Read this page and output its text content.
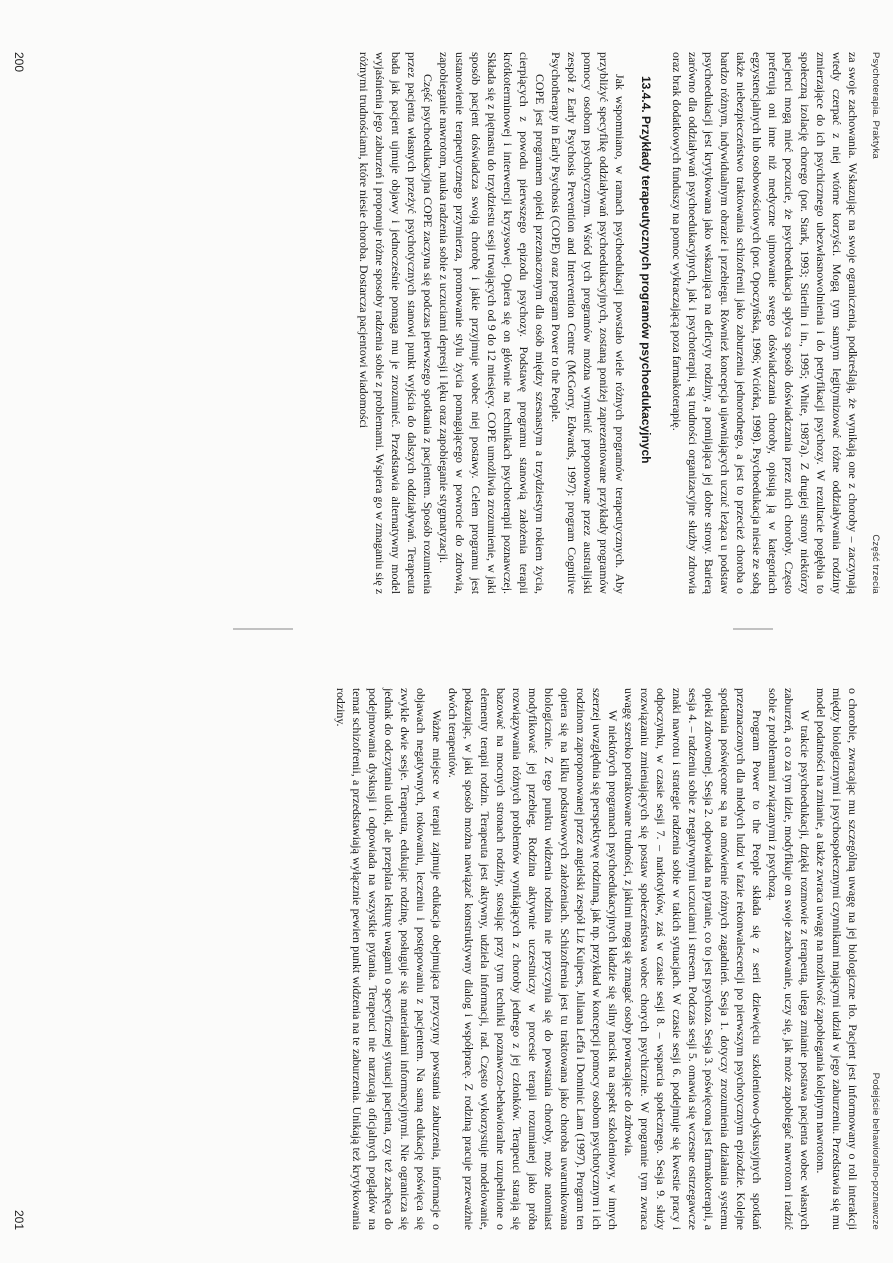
Psychoterapia. Praktyka
Część trzecia

za swoje zachowania. Wskazując na swoje ograniczenia, podkreślają, że wynikają one z choroby – zaczynają wtedy czerpać z niej wtórne korzyści. Mogą tym samym legitymizować różne oddziaływania rodziny zmierzające do ich psychicznego ubezwłasnowolnienia i do petryfikacji psychozy. W rezultacie pogłębia to społeczną izolację chorego (por. Stark, 1993; Stierlin i in., 1995; White, 1987a). Z drugiej strony niektórzy pacjenci mogą mieć poczucie, że psychoedukacja spłyca sposób doświadczania przez nich choroby. Często preferują oni inne niż medyczne ujmowanie swego doświadczania choroby, opisują ją w kategoriach egzystencjalnych lub osobowościowych (por. Opoczyńska, 1996; Wciórka, 1998). Psychoedukacja niesie ze sobą także niebezpieczeństwo traktowania schizofrenii jako zaburzenia jednorodnego, a jest to przecież choroba o bardzo różnym, indywidualnym obrazie i przebiegu. Również koncepcja ujawniających uczuć leżąca u podstaw psychoedukacji jest krytykowana jako wskazująca na deficyty rodziny, a pomijająca jej dobre strony. Barierą zarówno dla oddziaływań psychoedukacyjnych, jak i psychoterapii, są trudności organizacyjne służby zdrowia oraz brak dodatkowych funduszy na pomoc wykraczającą poza farmakoterapię.

13.4.4. Przykłady terapeutycznych programów psychoedukacyjnych

Jak wspomniano, w ramach psychoedukacji powstało wiele różnych programów terapeutycznych. Aby przybliżyć specyfikę oddziaływań psychoedukacyjnych, zostaną poniżej zaprezentowane przykłady programów pomocy osobom psychotycznym. Wśród tych programów można wymienić proponowane przez australijski zespół z Early Psychosis Prevention and Intervention Centre (McGorry, Edwards, 1997): program Cognitive Psychotherapy in Early Psychosis (COPE) oraz program Power to the People.

COPE jest programem opieki przeznaczonym dla osób między szesnastym a trzydziestym rokiem życia, cierpiących z powodu pierwszego epizodu psychozy. Podstawę programu stanowią założenia terapii krótkoterminowej i interwencji kryzysowej. Opiera się on głównie na technikach psychoterapii poznawczej. Składa się z piętnastu do trzydziestu sesji trwających od 9 do 12 miesięcy. COPE umożliwia zrozumienie, w jaki sposób pacjent doświadcza swoją chorobę i jakie przyjmuje wobec niej postawy. Celem programu jest ustanowienie terapeutycznego przymierza, promowanie stylu życia pomagającego w powrocie do zdrowia, zapobieganie nawrotom, nauka radzenia sobie z uczuciami depresji i lęku oraz zapobieganie stygmatyzacji.

Część psychoedukacyjna COPE zaczyna się podczas pierwszego spotkania z pacjentem. Sposób rozumienia przez pacjenta własnych przeżyć psychotycznych stanowi punkt wyjścia do dalszych oddziaływań. Terapeuta bada jak pacjent ujmuje objawy i jednocześnie pomaga mu je zrozumieć. Przedstawia alternatywny model wyjaśnienia jego zaburzeń i proponuje różne sposoby radzenia sobie z problemami. Wspiera go w zmaganiu się z różnymi trudnościami, które niesie choroba. Dostarcza pacjentowi wiadomości

200
Podejście behawioralno-poznawcze

o chorobie, zwracając mu szczególną uwagę na jej biologiczne tło. Pacjent jest informowany o roli interakcji między biologicznymi i psychospołecznymi czynnikami mającymi udział w jego zaburzeniu. Przedstawia się mu model podatności na zmianie, a także zwraca uwagę na możliwość zapobiegania kolejnym nawrotom.

W trakcie psychoedukacji, dzięki rozmowie z terapeutą, ulega zmianie postawa pacjenta wobec własnych zaburzeń, a co za tym idzie, modyfikuje on swoje zachowanie, uczy się, jak może zapobiegać nawrotom i radzić sobie z problemami związanymi z psychozą.

Program Power to the People składa się z serii dziewięciu szkoleniowo-dyskusyjnych spotkań przeznaczonych dla młodych ludzi w fazie rekonwalescencji po pierwszym psychotycznym epizodzie. Kolejne spotkania poświęcone są na omówienie różnych zagadnień. Sesja 1. dotyczy zrozumienia działania systemu opieki zdrowotnej. Sesja 2. odpowiada na pytanie, co to jest psychoza. Sesja 3. poświęcona jest farmakoterapii, a sesja 4. – radzeniu sobie z negatywnymi uczuciami i stresem. Podczas sesji 5. omawia się wczesne ostrzegawcze znaki nawrotu i strategie radzenia sobie w takich sytuacjach. W czasie sesji 6. podejmuje się kwestie pracy i odpoczynku, w czasie sesji 7. – narkotyków, zaś w czasie sesji 8. – wsparcia społecznego. Sesja 9. służy rozwiązaniu zmieniających się postaw społeczeństwa wobec chorych psychicznie. W programie tym zwraca uwagę szeroko potraktowane trudności, z jakimi mogą się zmagać osoby powracające do zdrowia.

W niektórych programach psychoedukacyjnych kładzie się silny nacisk na aspekt szkoleniowy, w innych szerzej uwzględnia się perspektywę rodzinną, jak np. przykład w koncepcji pomocy osobom psychotycznym i ich rodzinom zaproponowanej przez angielski zespół Liz Kuipers, Juliana Leffa i Dominic Lam (1997). Program ten opiera się na kilku podstawowych założeniach. Schizofrenia jest tu traktowana jako choroba uwarunkowana biologicznie. Z tego punktu widzenia rodzina nie przyczynia się do powstania choroby, może natomiast modyfikować jej przebieg. Rodzina aktywnie uczestniczy w procesie terapii rozumianej jako próba rozwiązywania różnych problemów wynikających z choroby jednego z jej członków. Terapeuci starają się bazować na mocnych stronach rodziny, stosując przy tym techniki poznawczo-behawioralne uzupełnione o elementy terapii rodzin. Terapeuta jest aktywny, udziela informacji, rad. Często wykorzystuje modelowanie, pokazując, w jaki sposób można nawiązać konstruktywny dialog i współpracę. Z rodziną pracuje przeważnie dwóch terapeutów.

Ważne miejsce w terapii zajmuje edukacja obejmująca przyczyny powstania zaburzenia, informacje o objawach negatywnych, rokowaniu, leczeniu i postępowaniu z pacjentem. Na samą edukację poświęca się zwykle dwie sesje. Terapeuta, edukując rodzinę, posługuje się materiałami informacyjnymi. Nie ogranicza się jednak do odczytania ulotki, ale przeplata lekturę uwagami o specyficznej sytuacji pacjenta, czy też zachęca do podejmowania dyskusji i odpowiada na wszystkie pytania. Terapeuci nie narzucają oficjalnych poglądów na temat schizofrenii, a przedstawiają wyłącznie pewien punkt widzenia na te zaburzenia. Unikają też krytykowania rodziny.

201
